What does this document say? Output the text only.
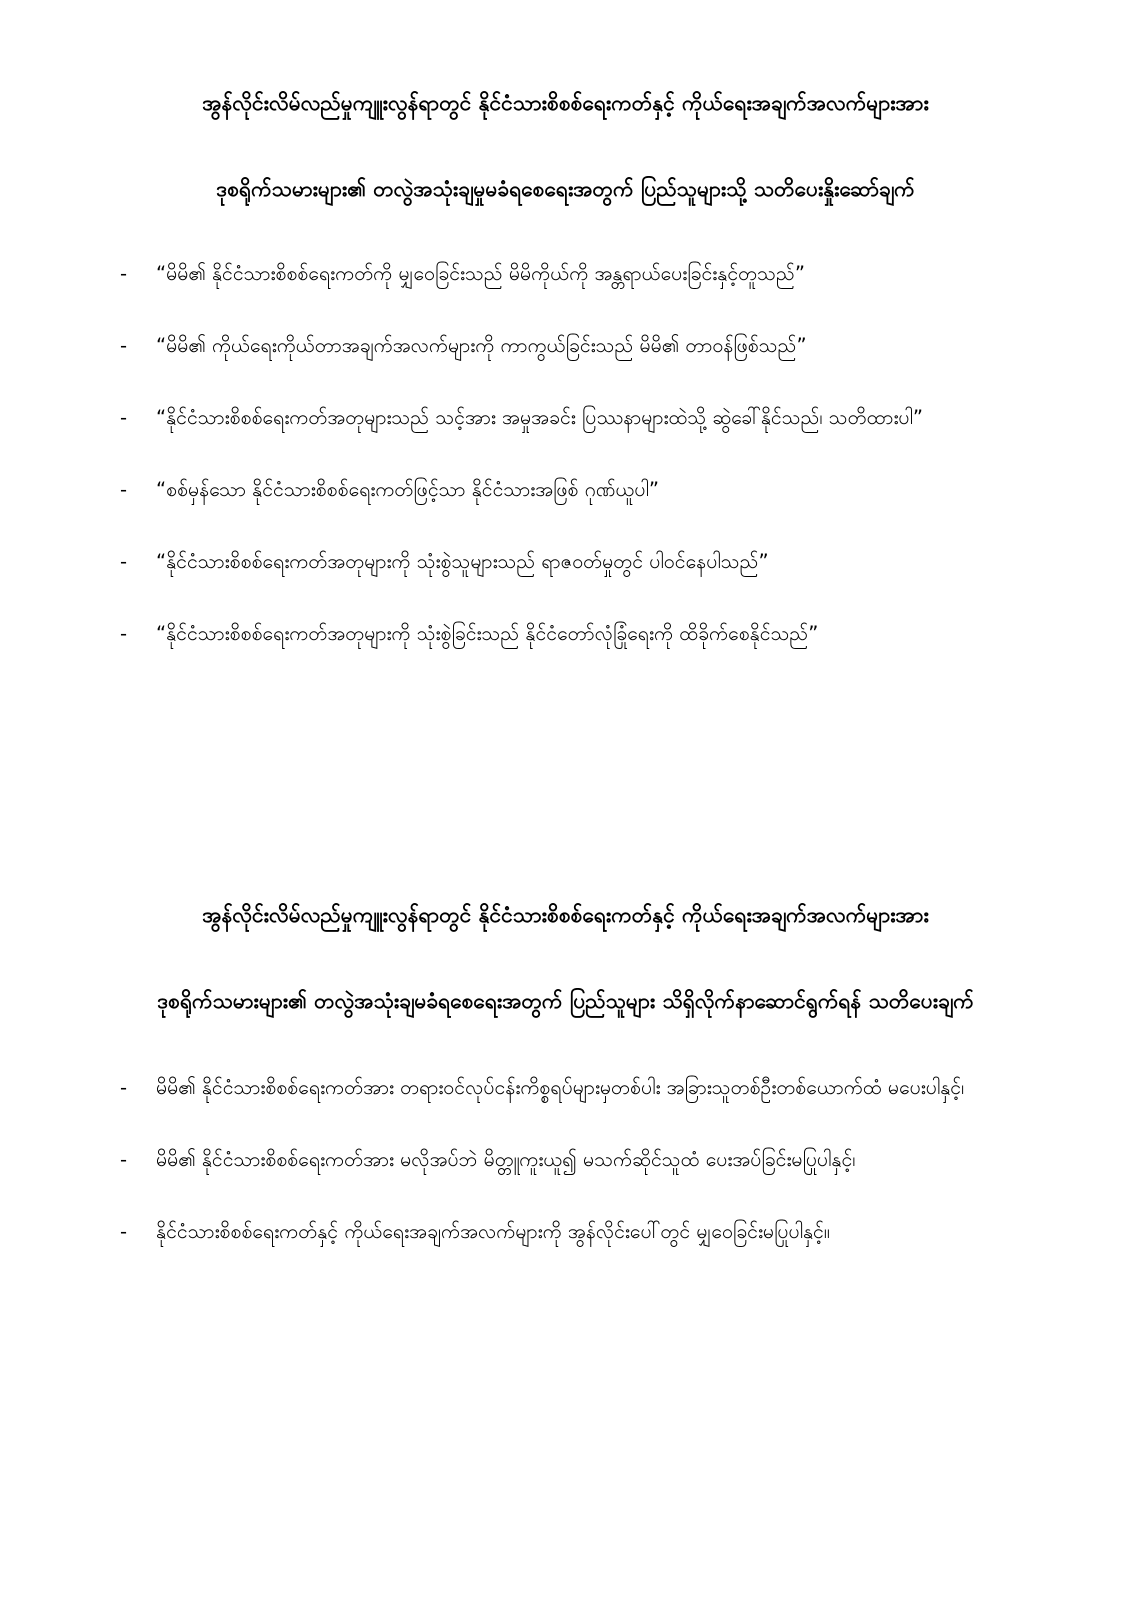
အွန်လိုင်းလိမ်လည်မှုကျူးလွန်ရာတွင် နိုင်ငံသားစိစစ်ရေးကတ်နှင့် ကိုယ်ရေးအချက်အလက်များအား
ဒုစရိုက်သမားများ၏ တလွဲအသုံးချမှုမခံရစေရေးအတွက် ပြည်သူများသို့ သတိပေးနှိုးဆော်ချက်
- “မိမိ၏ နိုင်ငံသားစိစစ်ရေးကတ်ကို မျှဝေခြင်းသည် မိမိကိုယ်ကို အန္တရာယ်ပေးခြင်းနှင့်တူသည်”
- “မိမိ၏ ကိုယ်ရေးကိုယ်တာအချက်အလက်များကို ကာကွယ်ခြင်းသည် မိမိ၏ တာဝန်ဖြစ်သည်”
- “နိုင်ငံသားစိစစ်ရေးကတ်အတုများသည် သင့်အား အမှုအခင်း ပြဿနာများထဲသို့ ဆွဲခေါ်နိုင်သည်၊ သတိထားပါ”
- “စစ်မှန်သော နိုင်ငံသားစိစစ်ရေးကတ်ဖြင့်သာ နိုင်ငံသားအဖြစ် ဂုဏ်ယူပါ”
- “နိုင်ငံသားစိစစ်ရေးကတ်အတုများကို သုံးစွဲသူများသည် ရာဇဝတ်မှုတွင် ပါဝင်နေပါသည်”
- “နိုင်ငံသားစိစစ်ရေးကတ်အတုများကို သုံးစွဲခြင်းသည် နိုင်ငံတော်လုံခြုံရေးကို ထိခိုက်စေနိုင်သည်”
အွန်လိုင်းလိမ်လည်မှုကျူးလွန်ရာတွင် နိုင်ငံသားစိစစ်ရေးကတ်နှင့် ကိုယ်ရေးအချက်အလက်များအား
ဒုစရိုက်သမားများ၏ တလွဲအသုံးချမခံရစေရေးအတွက် ပြည်သူများ သိရှိလိုက်နာဆောင်ရွက်ရန် သတိပေးချက်
- မိမိ၏ နိုင်ငံသားစိစစ်ရေးကတ်အား တရားဝင်လုပ်ငန်းကိစ္စရပ်များမှတစ်ပါး အခြားသူတစ်ဦးတစ်ယောက်ထံ မပေးပါနှင့်၊
- မိမိ၏ နိုင်ငံသားစိစစ်ရေးကတ်အား မလိုအပ်ဘဲ မိတ္တူကူးယူ၍ မသက်ဆိုင်သူထံ ပေးအပ်ခြင်းမပြုပါနှင့်၊
- နိုင်ငံသားစိစစ်ရေးကတ်နှင့် ကိုယ်ရေးအချက်အလက်များကို အွန်လိုင်းပေါ်တွင် မျှဝေခြင်းမပြုပါနှင့်။
